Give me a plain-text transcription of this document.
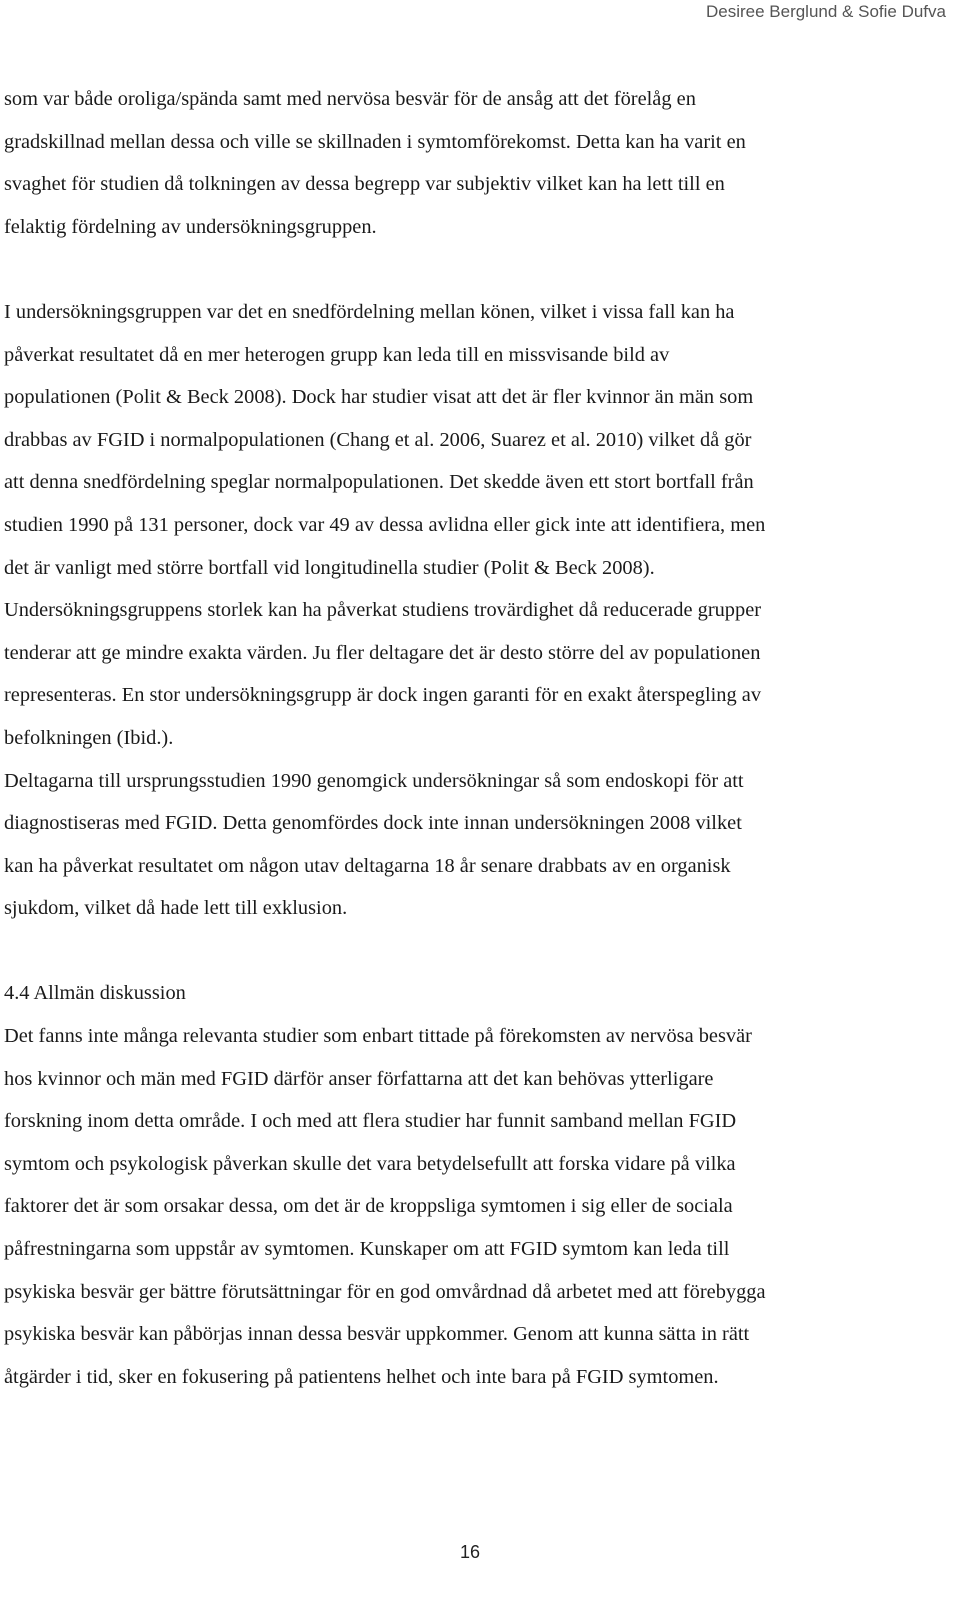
Desiree Berglund & Sofie Dufva

som var både oroliga/spända samt med nervösa besvär för de ansåg att det förelåg en
gradskillnad mellan dessa och ville se skillnaden i symtomförekomst. Detta kan ha varit en
svaghet för studien då tolkningen av dessa begrepp var subjektiv vilket kan ha lett till en
felaktig fördelning av undersökningsgruppen.

I undersökningsgruppen var det en snedfördelning mellan könen, vilket i vissa fall kan ha
påverkat resultatet då en mer heterogen grupp kan leda till en missvisande bild av
populationen (Polit & Beck 2008). Dock har studier visat att det är fler kvinnor än män som
drabbas av FGID i normalpopulationen (Chang et al. 2006, Suarez et al. 2010) vilket då gör
att denna snedfördelning speglar normalpopulationen. Det skedde även ett stort bortfall från
studien 1990 på 131 personer, dock var 49 av dessa avlidna eller gick inte att identifiera, men
det är vanligt med större bortfall vid longitudinella studier (Polit & Beck 2008).
Undersökningsgruppens storlek kan ha påverkat studiens trovärdighet då reducerade grupper
tenderar att ge mindre exakta värden. Ju fler deltagare det är desto större del av populationen
representeras. En stor undersökningsgrupp är dock ingen garanti för en exakt återspegling av
befolkningen (Ibid.).

Deltagarna till ursprungsstudien 1990 genomgick undersökningar så som endoskopi för att
diagnostiseras med FGID. Detta genomfördes dock inte innan undersökningen 2008 vilket
kan ha påverkat resultatet om någon utav deltagarna 18 år senare drabbats av en organisk
sjukdom, vilket då hade lett till exklusion.

4.4 Allmän diskussion

Det fanns inte många relevanta studier som enbart tittade på förekomsten av nervösa besvär
hos kvinnor och män med FGID därför anser författarna att det kan behövas ytterligare
forskning inom detta område. I och med att flera studier har funnit samband mellan FGID
symtom och psykologisk påverkan skulle det vara betydelsefullt att forska vidare på vilka
faktorer det är som orsakar dessa, om det är de kroppsliga symtomen i sig eller de sociala
påfrestningarna som uppstår av symtomen. Kunskaper om att FGID symtom kan leda till
psykiska besvär ger bättre förutsättningar för en god omvårdnad då arbetet med att förebygga
psykiska besvär kan påbörjas innan dessa besvär uppkommer. Genom att kunna sätta in rätt
åtgärder i tid, sker en fokusering på patientens helhet och inte bara på FGID symtomen.

16
